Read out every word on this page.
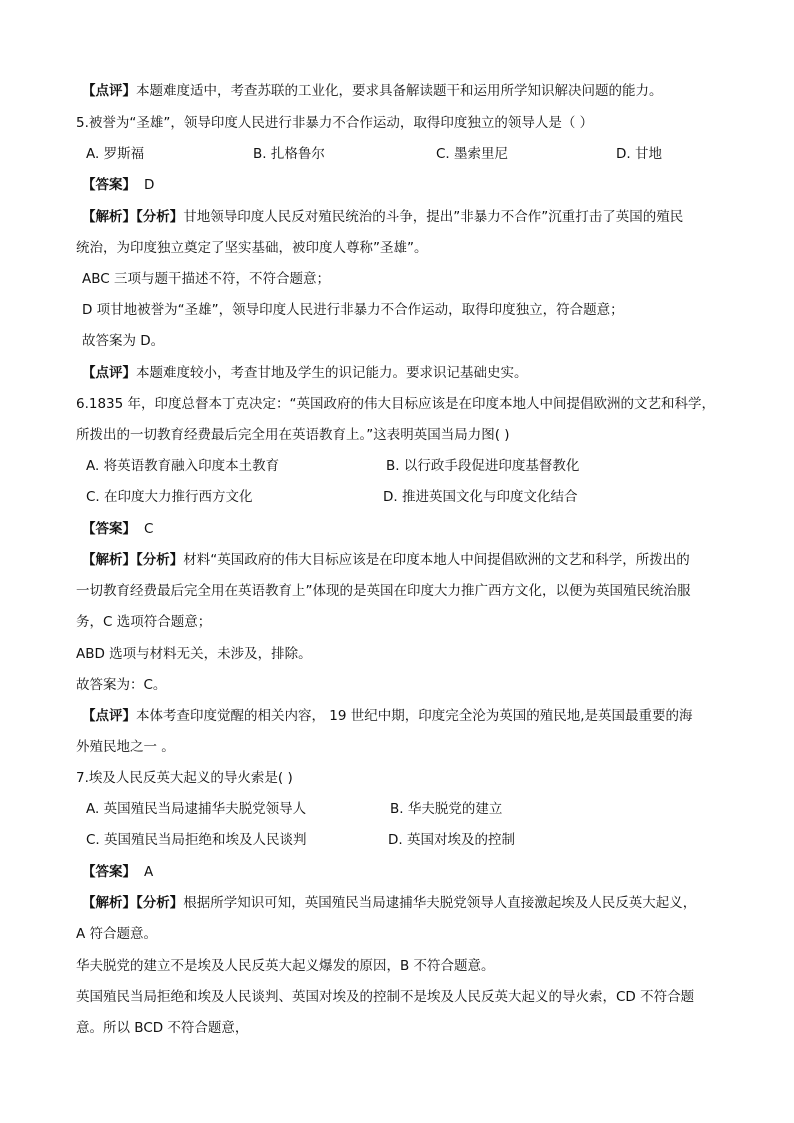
【点评】本题难度适中，考查苏联的工业化，要求具备解读题干和运用所学知识解决问题的能力。
5.被誉为“圣雄”，领导印度人民进行非暴力不合作运动，取得印度独立的领导人是（ ）
A. 罗斯福	B. 扎格鲁尔	C. 墨索里尼	D. 甘地
【答案】 D
【解析】【分析】甘地领导印度人民反对殖民统治的斗争，提出”非暴力不合作”沉重打击了英国的殖民
统治，为印度独立奠定了坚实基础，被印度人尊称”圣雄”。
ABC 三项与题干描述不符，不符合题意；
D 项甘地被誉为“圣雄”，领导印度人民进行非暴力不合作运动，取得印度独立，符合题意；
故答案为 D。
【点评】本题难度较小，考查甘地及学生的识记能力。要求识记基础史实。
6.1835 年，印度总督本丁克决定：“英国政府的伟大目标应该是在印度本地人中间提倡欧洲的文艺和科学，
所拨出的一切教育经费最后完全用在英语教育上。”这表明英国当局力图( )
A. 将英语教育融入印度本土教育	B. 以行政手段促进印度基督教化
C. 在印度大力推行西方文化	D. 推进英国文化与印度文化结合
【答案】 C
【解析】【分析】材料“英国政府的伟大目标应该是在印度本地人中间提倡欧洲的文艺和科学，所拨出的
一切教育经费最后完全用在英语教育上”体现的是英国在印度大力推广西方文化，以便为英国殖民统治服
务，C 选项符合题意；
ABD 选项与材料无关，未涉及，排除。
故答案为：C。
【点评】本体考查印度觉醒的相关内容， 19 世纪中期，印度完全沦为英国的殖民地,是英国最重要的海
外殖民地之一 。
7.埃及人民反英大起义的导火索是( )
A. 英国殖民当局逮捕华夫脱党领导人	B. 华夫脱党的建立
C. 英国殖民当局拒绝和埃及人民谈判	D. 英国对埃及的控制
【答案】 A
【解析】【分析】根据所学知识可知，英国殖民当局逮捕华夫脱党领导人直接激起埃及人民反英大起义，
A 符合题意。
华夫脱党的建立不是埃及人民反英大起义爆发的原因，B 不符合题意。
英国殖民当局拒绝和埃及人民谈判、英国对埃及的控制不是埃及人民反英大起义的导火索，CD 不符合题
意。所以 BCD 不符合题意，
